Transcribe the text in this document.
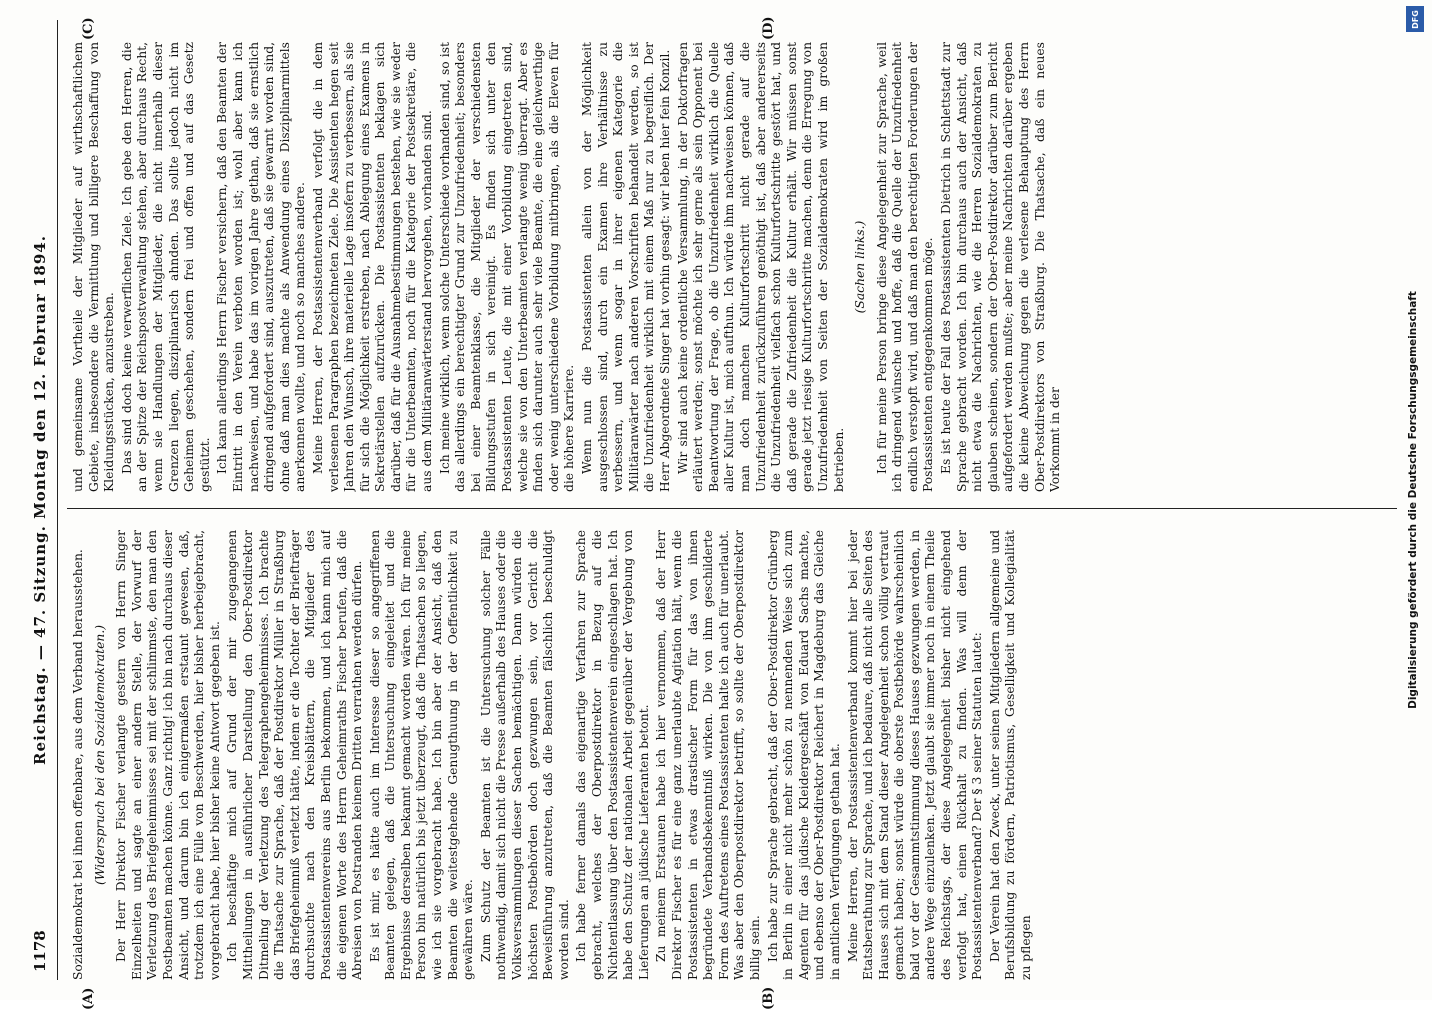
1178
Reichstag. — 47. Sitzung. Montag den 12. Februar 1894. Sozialdemokrat bei ihnen offenbare, aus dem Verband herausstehen. (Widerspruch bei den Sozialdemokraten.) Der Herr Direktor Fischer verlangte gestern von Herrn Singer Einzelheiten und sagte an einer andern Stelle, der Vorwurf der Verletzung des Briefgeheimnisses sei mit der schlimmste, den man den Postbeamten machen könne. Ganz richtig! ich bin nach durchaus dieser Ansicht, und darum bin ich einigermaßen erstaunt gewesen, daß, trotzdem ich eine Fülle von Beschwerden, hier bisher herbeigebracht, vorgebracht habe, hier bisher keine Antwort gegeben ist. Ich beschäftige mich auf Grund der mir zugegangenen Mittheilungen in ausführlicher Darstellung den Ober-Postdirektor Ditmeling der Verletzung des Telegraphengeheimnisses. Ich brachte die Thatsache zur Sprache, daß der Postdirektor Müller in Straßburg das Briefgeheimniß verletzt hätte, indem er die Tochter der Briefträger durchsuchte nach den Kreisblättern, die Mitglieder des Postassistentenvereins aus Berlin bekommen, und ich kann mich auf die eigenen Worte des Herrn Geheimraths Fischer berufen, daß die Abreisen von Postranden keinem Dritten verrathen werden dürfen. Es ist mir, es hätte auch im Interesse dieser so angegriffenen Beamten gelegen, daß die Untersuchung eingeleitet und die Ergebnisse derselben bekannt gemacht worden wären. Ich für meine Person bin natürlich bis jetzt überzeugt, daß die Thatsachen so liegen, wie ich sie vorgebracht habe. Ich bin aber der Ansicht, daß den Beamten die weitestgehende Genugthuung in der Oeffentlichkeit zu gewähren wäre. Zum Schutz der Beamten ist die Untersuchung solcher Fälle nothwendig, damit sich nicht die Presse außerhalb des Hauses oder die Volksversammlungen dieser Sachen bemächtigen. Dann würden die höchsten Postbehörden doch gezwungen sein, vor Gericht die Beweisführung anzutreten, daß die Beamten fälschlich beschuldigt worden sind. Ich habe ferner damals das eigenartige Verfahren zur Sprache gebracht, welches der Oberpostdirektor in Bezug auf die Nichtentlassung über den Postassistentenverein eingeschlagen hat. Ich habe den Schutz der nationalen Arbeit gegenüber der Vergebung von Lieferungen an jüdische Lieferanten betont. Zu meinem Erstaunen habe ich hier vernommen, daß der Herr Direktor Fischer es für eine ganz unerlaubte Agitation hält, wenn die Postassistenten in etwas drastischer Form für das von ihnen begründete Verbandsbekenntniß wirken. Die von ihm geschilderte Form des Auftretens eines Postassistenten halte ich auch für unerlaubt. Was aber den Oberpostdirektor betrifft, so sollte der Oberpostdirektor billig sein. Ich habe zur Sprache gebracht, daß der Ober-Postdirektor Grünberg in Berlin in einer nicht mehr schön zu nennenden Weise sich zum Agenten für das jüdische Kleidergeschäft von Eduard Sachs machte, und ebenso der Ober-Postdirektor Reichert in Magdeburg das Gleiche in amtlichen Verfügungen gethan hat. Meine Herren, der Postassistentenverband kommt hier bei jeder Etatsberathung zur Sprache, und ich bedaure, daß nicht alle Seiten des Hauses sich mit dem Stand dieser Angelegenheit schon völlig vertraut gemacht haben; sonst würde die oberste Postbehörde wahrscheinlich bald vor der Gesammtstimmung dieses Hauses gezwungen werden, in andere Wege einzulenken. Jetzt glaubt sie immer noch in einem Theile des Reichstags, der diese Angelegenheit bisher nicht eingehend verfolgt hat, einen Rückhalt zu finden. Was will denn der Postassistentenverband? Der § 3 seiner Statuten lautet: Der Verein hat den Zweck, unter seinen Mitgliedern allgemeine und Berufsbildung zu fördern, Patriotismus, Geselligkeit und Kollegialität zu pflegen

und gemeinsame Vortheile der Mitglieder auf wirthschaftlichem Gebiete, insbesondere die Vermittlung und billigere Beschaffung von Kleidungsstücken, anzustreben. Das sind doch keine verwerflichen Ziele. Ich gebe den Herren, die an der Spitze der Reichspostverwaltung stehen, aber durchaus Recht, wenn sie Handlungen der Mitglieder, die nicht innerhalb dieser Grenzen liegen, disziplinarisch ahnden. Das sollte jedoch nicht im Geheimen geschehen, sondern frei und offen und auf das Gesetz gestützt. Ich kann allerdings Herrn Fischer versichern, daß den Beamten der Eintritt in den Verein verboten worden ist; wohl aber kann ich nachweisen, und habe das im vorigen Jahre gethan, daß sie ernstlich dringend aufgefordert sind, auszutreten, daß sie gewarnt worden sind, ohne daß man dies machte als Anwendung eines Disziplinarmittels anerkennen wollte, und noch so manches andere. Meine Herren, der Postassistentenverband verfolgt die in dem verlesenen Paragraphen bezeichneten Ziele. Die Assistenten hegen seit Jahren den Wunsch, ihre materielle Lage insofern zu verbessern, als sie für sich die Möglichkeit erstreben, nach Ablegung eines Examens in Sekretärstellen aufzurücken. Die Postassistenten beklagen sich darüber, daß für die Ausnahmebestimmungen bestehen, wie sie weder für die Unterbeamten, noch für die Kategorie der Postsekretäre, die aus dem Militäranwärterstand hervorgehen, vorhanden sind. Ich meine wirklich, wenn solche Unterschiede vorhanden sind, so ist das allerdings ein berechtigter Grund zur Unzufriedenheit; besonders bei einer Beamtenklasse, die Mitglieder der verschiedensten Bildungsstufen in sich vereinigt. Es finden sich unter den Postassistenten Leute, die mit einer Vorbildung eingetreten sind, welche sie von den Unterbeamten verlangte wenig überragt. Aber es finden sich darunter auch sehr viele Beamte, die eine gleichwerthige oder wenig unterschiedene Vorbildung mitbringen, als die Eleven für die höhere Karriere. Wenn nun die Postassistenten allein von der Möglichkeit ausgeschlossen sind, durch ein Examen ihre Verhältnisse zu verbessern, und wenn sogar in ihrer eigenen Kategorie die Militäranwärter nach anderen Vorschriften behandelt werden, so ist die Unzufriedenheit wirklich mit einem Maß nur zu begreiflich. Der Herr Abgeordnete Singer hat vorhin gesagt: wir leben hier fein Konzil. Wir sind auch keine ordentliche Versammlung, in der Doktorfragen erläutert werden; sonst möchte ich sehr gerne als sein Opponent bei Beantwortung der Frage, ob die Unzufriedenheit wirklich die Quelle aller Kultur ist, mich aufthun. Ich würde ihm nachweisen können, daß man doch manchen Kulturfortschritt nicht gerade auf die Unzufriedenheit zurückzuführen genöthigt ist, daß aber andererseits die Unzufriedenheit vielfach schon Kulturfortschritte gestört hat, und daß gerade die Zufriedenheit die Kultur erhält. Wir müssen sonst gerade jetzt riesige Kulturfortschritte machen, denn die Erregung von Unzufriedenheit von Seiten der Sozialdemokraten wird im großen betrieben.

(Sachen links.) Ich für meine Person bringe diese Angelegenheit zur Sprache, weil ich dringend wünsche und hoffe, daß die Quelle der Unzufriedenheit endlich verstopft wird, und daß man den berechtigten Forderungen der Postassistenten entgegenkommen möge. Es ist heute der Fall des Postassistenten Dietrich in Schlettstadt zur Sprache gebracht worden. Ich bin durchaus auch der Ansicht, daß nicht etwa die Nachrichten, wie die Herren Sozialdemokraten zu glauben scheinen, sondern der Ober-Postdirektor darüber zum Bericht aufgefordert werden mußte; aber meine Nachrichten darüber ergeben die kleine Abweichung gegen die verlesene Behauptung des Herrn Ober-Postdirektors von Straßburg. Die Thatsache, daß ein neues Vorkommt in der

(A)	(B)
(C)	(D)
Digitalisierung gefördert durch die Deutsche Forschungsgemeinschaft
DFG
